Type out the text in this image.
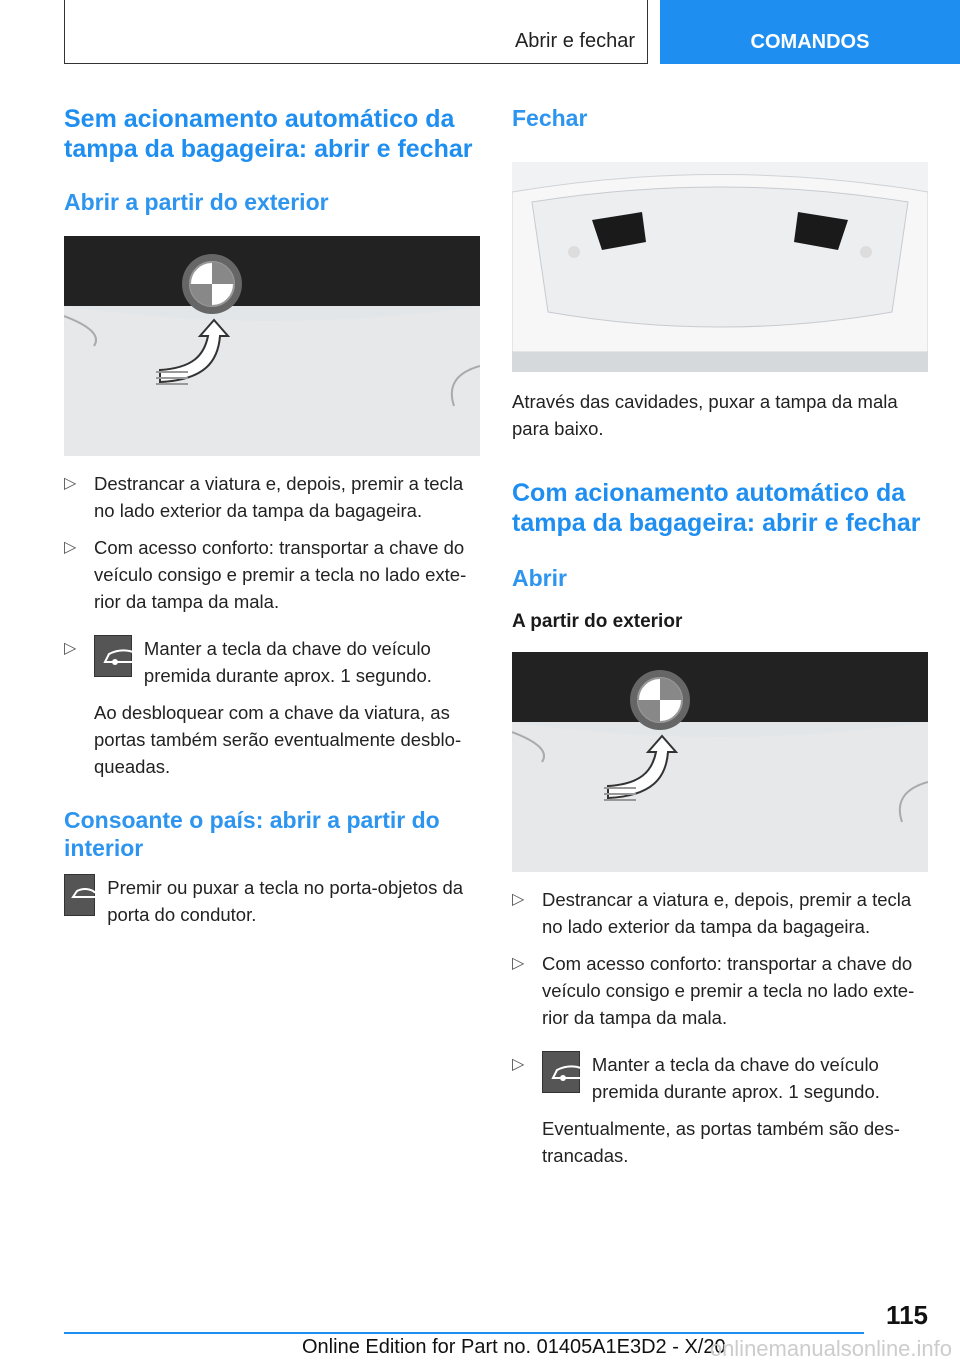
Abrir e fechar	COMANDOS
Sem acionamento automático da tampa da bagageira: abrir e fechar
Abrir a partir do exterior
▷ Destrancar a viatura e, depois, premir a tecla no lado exterior da tampa da bagageira.
▷ Com acesso conforto: transportar a chave do veículo consigo e premir a tecla no lado exte-rior da tampa da mala.
▷	Manter a tecla da chave do veículo premida durante aprox. 1 segundo.

Ao desbloquear com a chave da viatura, as portas também serão eventualmente desblo-queadas.

Consoante o país: abrir a partir do interior

Premir ou puxar a tecla no porta-objetos da porta do condutor.

Fechar

Através das cavidades, puxar a tampa da mala para baixo.

Com acionamento automático da tampa da bagageira: abrir e fechar
Abrir
A partir do exterior
▷ Destrancar a viatura e, depois, premir a tecla no lado exterior da tampa da bagageira.
▷ Com acesso conforto: transportar a chave do veículo consigo e premir a tecla no lado exte-rior da tampa da mala.
▷	Manter a tecla da chave do veículo premida durante aprox. 1 segundo.

Eventualmente, as portas também são des-trancadas.

115
Online Edition for Part no. 01405A1E3D2 - X/20
onlinemanualsonline.info
